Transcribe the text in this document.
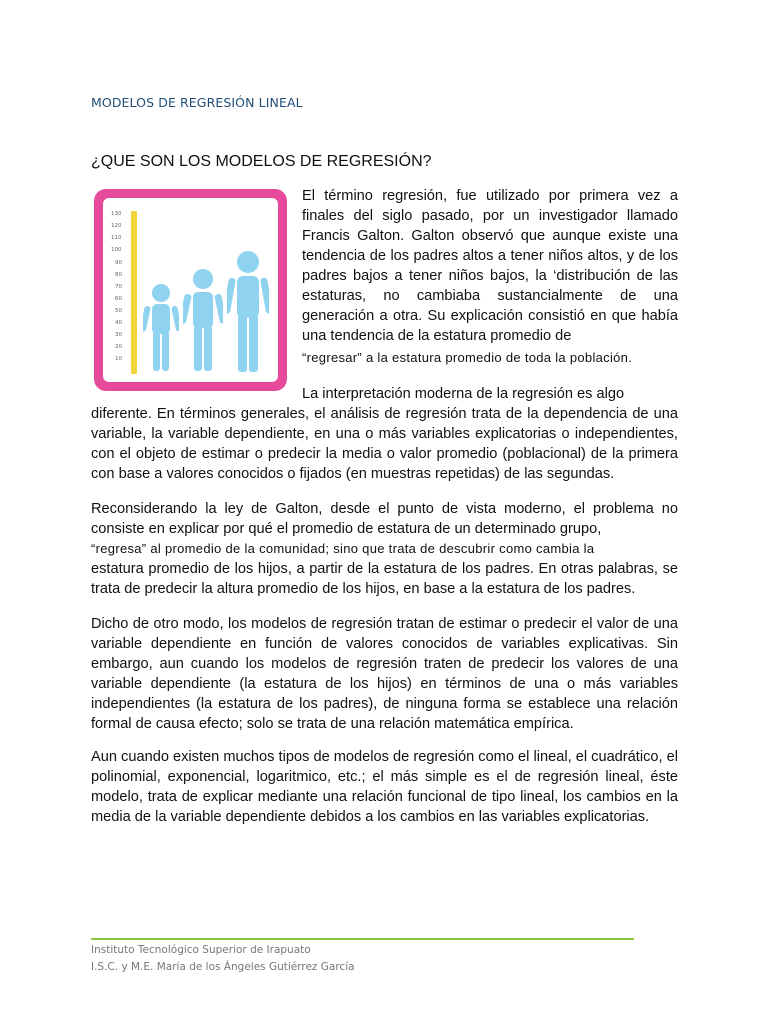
MODELOS DE REGRESIÓN LINEAL
¿QUE SON LOS MODELOS DE REGRESIÓN?
130
120
110
100
90
80
70
60
50
40
30
20
10
El término regresión, fue utilizado por primera vez a finales del siglo pasado, por un investigador llamado Francis Galton. Galton observó que aunque existe una tendencia de los padres altos a tener niños altos, y de los padres bajos a tener niños bajos, la ‘distribución de las estaturas, no cambiaba sustancialmente de una generación a otra. Su explicación consistió en que había una tendencia de la estatura promedio de
“regresar” a la estatura promedio de toda la población.
La interpretación moderna de la regresión es algo
diferente. En términos generales, el análisis de regresión trata de la dependencia de una variable, la variable dependiente, en una o más variables explicatorias o independientes, con el objeto de estimar o predecir la media o valor promedio (poblacional) de la primera con base a valores conocidos o fijados (en muestras repetidas) de las segundas.
Reconsiderando la ley de Galton, desde el punto de vista moderno, el problema no consiste en explicar por qué el promedio de estatura de un determinado grupo,
“regresa” al promedio de la comunidad; sino que trata de descubrir como cambia la
estatura promedio de los hijos, a partir de la estatura de los padres. En otras palabras, se trata de predecir la altura promedio de los hijos, en base a la estatura de los padres.
Dicho de otro modo, los modelos de regresión tratan de estimar o predecir el valor de una variable dependiente en función de valores conocidos de variables explicativas. Sin embargo, aun cuando los modelos de regresión traten de predecir los valores de una variable dependiente (la estatura de los hijos) en términos de una o más variables independientes (la estatura de los padres), de ninguna forma se establece una relación formal de causa efecto; solo se trata de una relación matemática empírica.
Aun cuando existen muchos tipos de modelos de regresión como el lineal, el cuadrático, el polinomial, exponencial, logaritmico, etc.; el más simple es el de regresión lineal, éste modelo, trata de explicar mediante una relación funcional de tipo lineal, los cambios en la media de la variable dependiente debidos a los cambios en las variables explicatorias.
Instituto Tecnológico Superior de Irapuato
I.S.C. y M.E. María de los Ángeles Gutiérrez García
